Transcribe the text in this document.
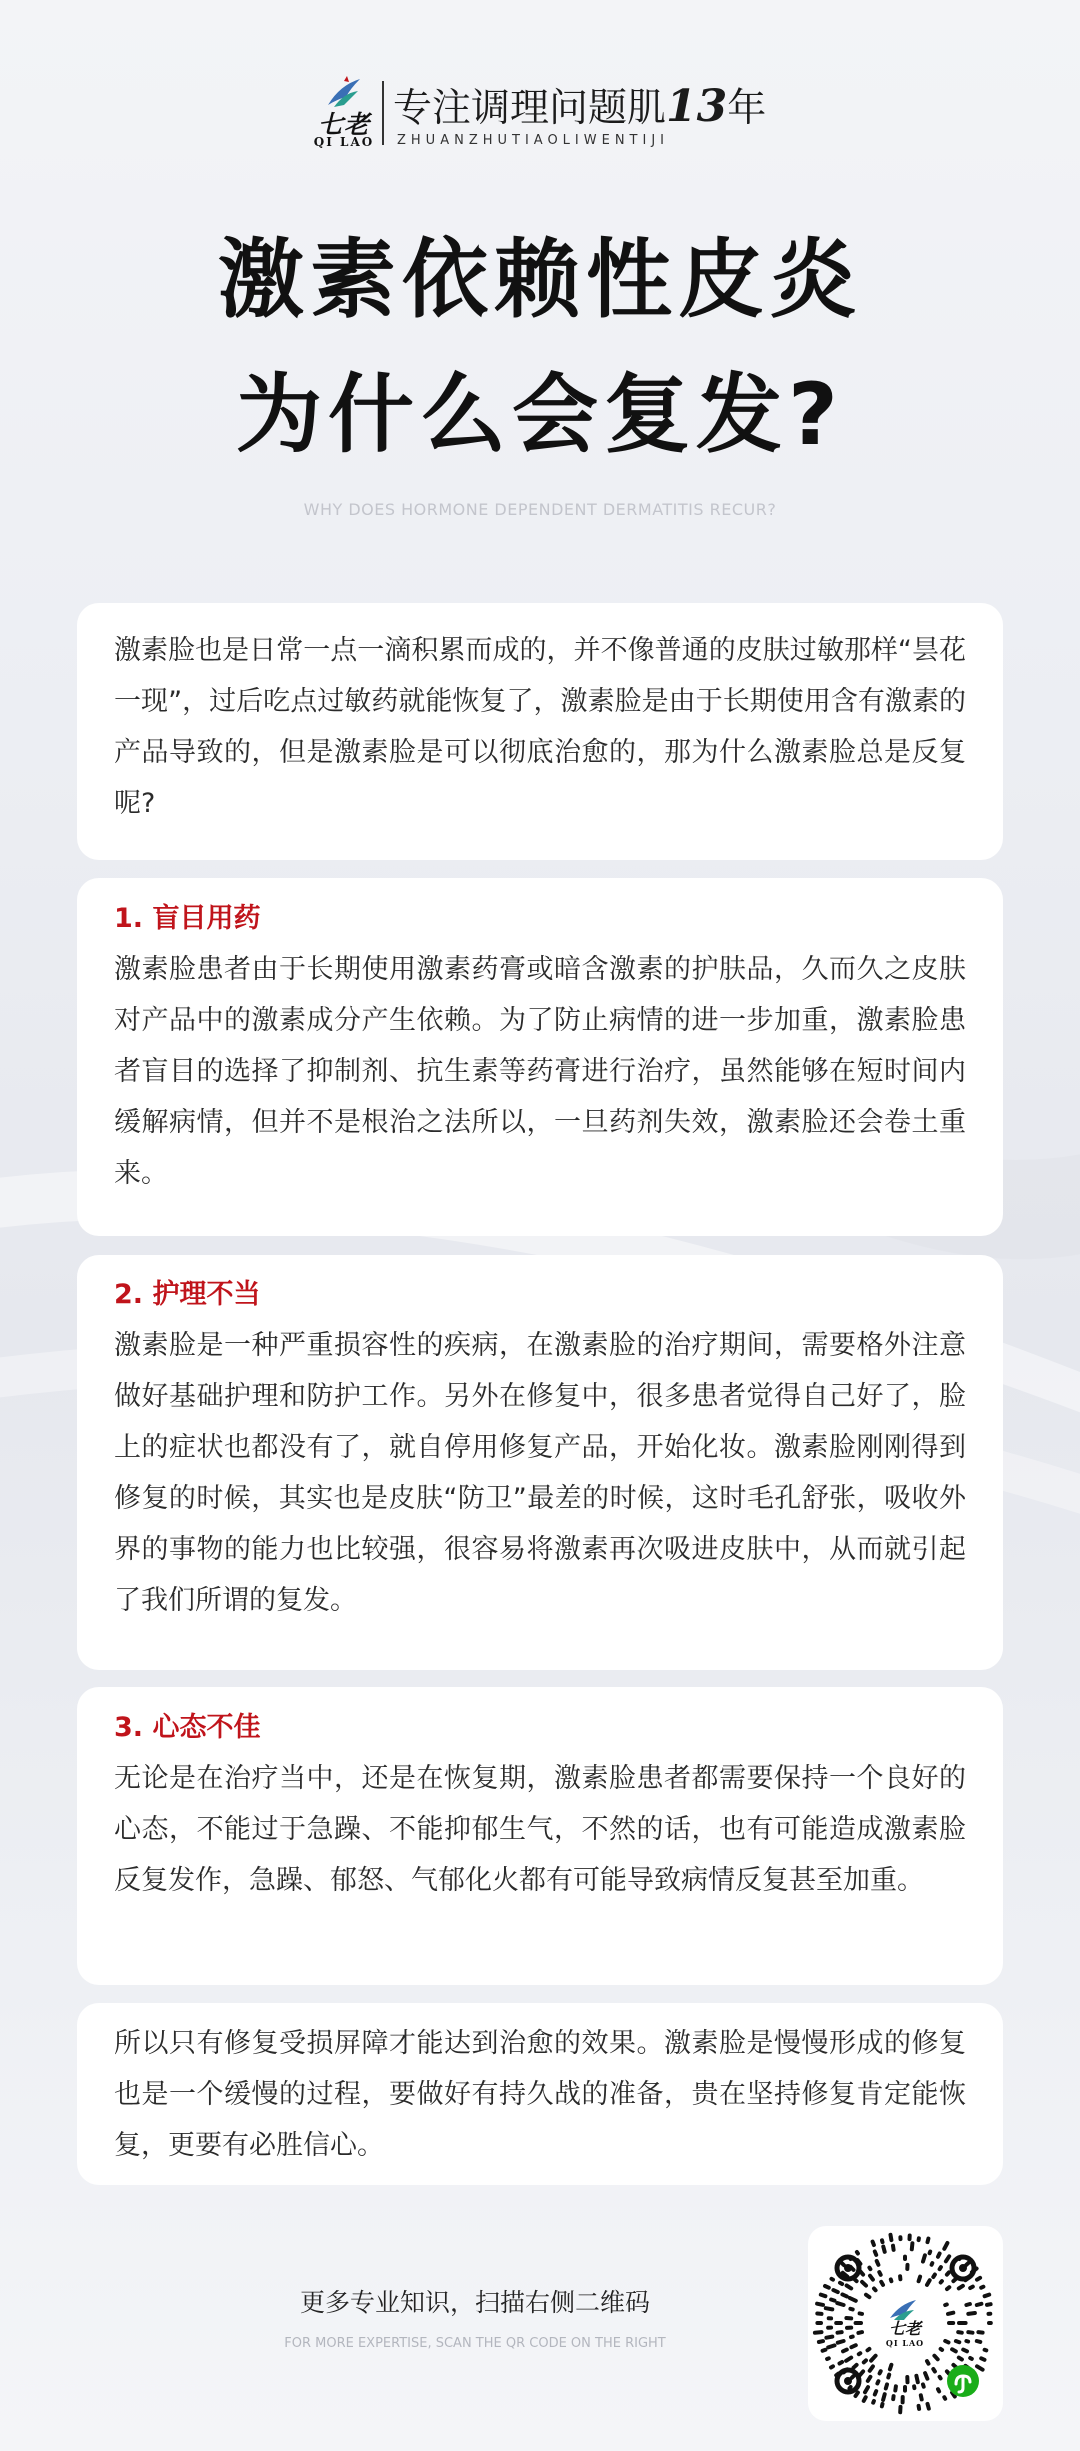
七老
QI LAO
专注调理问题肌13年
ZHUANZHUTIAOLIWENTIJI
激素依赖性皮炎
为什么会复发?
WHY DOES HORMONE DEPENDENT DERMATITIS RECUR?

激素脸也是日常一点一滴积累而成的，并不像普通的皮肤过敏那样“昙花一现”，过后吃点过敏药就能恢复了，激素脸是由于长期使用含有激素的产品导致的，但是激素脸是可以彻底治愈的，那为什么激素脸总是反复呢?

1. 盲目用药

激素脸患者由于长期使用激素药膏或暗含激素的护肤品，久而久之皮肤对产品中的激素成分产生依赖。为了防止病情的进一步加重，激素脸患者盲目的选择了抑制剂、抗生素等药膏进行治疗，虽然能够在短时间内缓解病情，但并不是根治之法所以，一旦药剂失效，激素脸还会卷土重来。

2. 护理不当

激素脸是一种严重损容性的疾病，在激素脸的治疗期间，需要格外注意做好基础护理和防护工作。另外在修复中，很多患者觉得自己好了，脸上的症状也都没有了，就自停用修复产品，开始化妆。激素脸刚刚得到修复的时候，其实也是皮肤“防卫”最差的时候，这时毛孔舒张，吸收外界的事物的能力也比较强，很容易将激素再次吸进皮肤中，从而就引起了我们所谓的复发。

3. 心态不佳

无论是在治疗当中，还是在恢复期，激素脸患者都需要保持一个良好的心态，不能过于急躁、不能抑郁生气，不然的话，也有可能造成激素脸反复发作，急躁、郁怒、气郁化火都有可能导致病情反复甚至加重。

所以只有修复受损屏障才能达到治愈的效果。激素脸是慢慢形成的修复也是一个缓慢的过程，要做好有持久战的准备，贵在坚持修复肯定能恢复，更要有必胜信心。

更多专业知识，扫描右侧二维码
FOR MORE EXPERTISE, SCAN THE QR CODE ON THE RIGHT
七老
QI LAO
